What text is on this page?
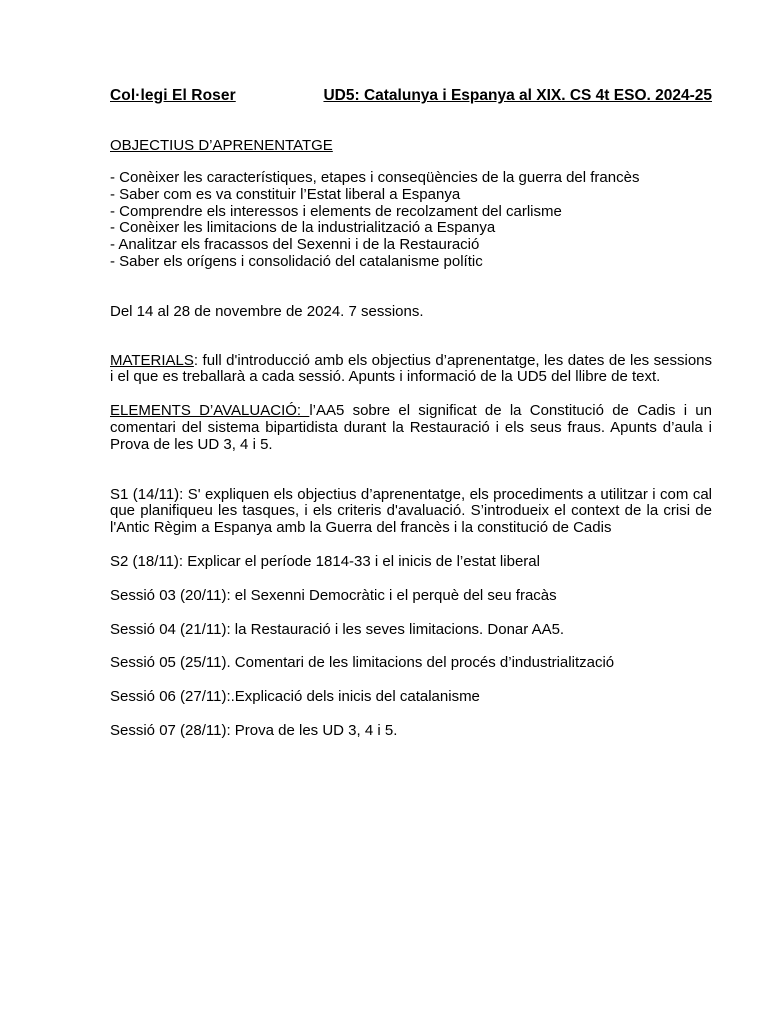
Col·legi El Roser	UD5: Catalunya i Espanya al XIX. CS 4t ESO. 2024-25
OBJECTIUS D’APRENENTATGE
- Conèixer les característiques, etapes i conseqüències de la guerra del francès
- Saber com es va constituir l’Estat liberal a Espanya
- Comprendre els interessos i elements de recolzament del carlisme
- Conèixer les limitacions de la industrialització a Espanya
- Analitzar els fracassos del Sexenni i de la Restauració
- Saber els orígens i consolidació del catalanisme polític

Del 14 al 28 de novembre de 2024. 7 sessions.

MATERIALS: full d'introducció amb els objectius d’aprenentatge, les dates de les sessions i el que es treballarà a cada sessió. Apunts i informació de la UD5 del llibre de text.

ELEMENTS D’AVALUACIÓ: l’AA5 sobre el significat de la Constitució de Cadis i un comentari del sistema bipartidista durant la Restauració i els seus fraus. Apunts d’aula i Prova de les UD 3, 4 i 5.

S1 (14/11): S' expliquen els objectius d’aprenentatge, els procediments a utilitzar i com cal que planifiqueu les tasques, i els criteris d'avaluació. S’introdueix el context de la crisi de l'Antic Règim a Espanya amb la Guerra del francès i la constitució de Cadis

S2 (18/11): Explicar el període 1814-33 i el inicis de l’estat liberal

Sessió 03 (20/11): el Sexenni Democràtic i el perquè del seu fracàs

Sessió 04 (21/11): la Restauració i les seves limitacions. Donar AA5.

Sessió 05 (25/11). Comentari de les limitacions del procés d’industrialització

Sessió 06 (27/11):.Explicació dels inicis del catalanisme

Sessió 07 (28/11): Prova de les UD 3, 4 i 5.
